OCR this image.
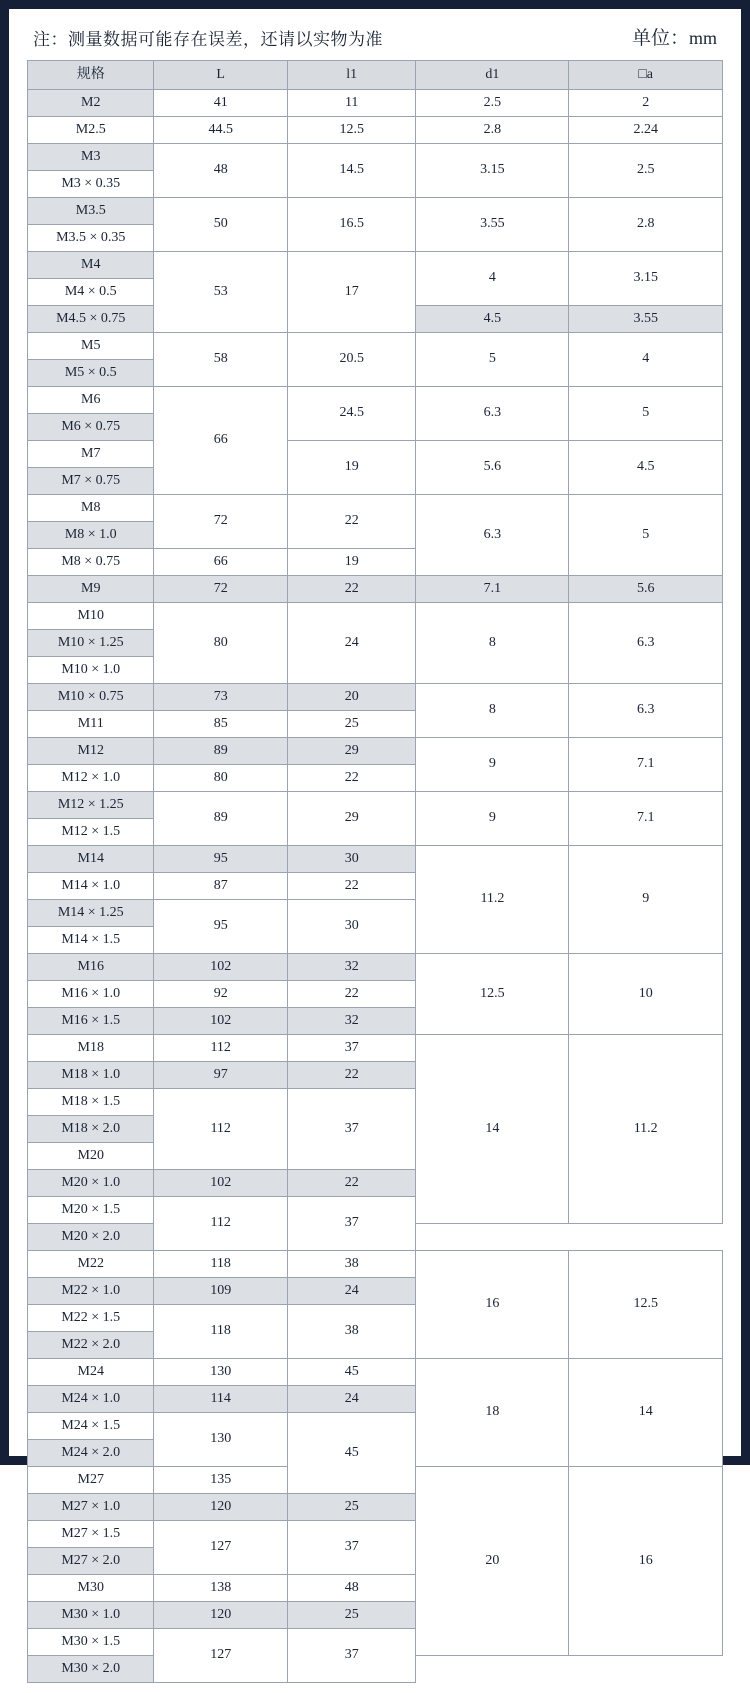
注：测量数据可能存在误差，还请以实物为准	单位：mm
规格	L	l1	d1	□a
M2	41	11	2.5	2
M2.5	44.5	12.5	2.8	2.24
M3	48	14.5	3.15	2.5
M3 × 0.35				
M3.5	50	16.5	3.55	2.8
M3.5 × 0.35				
M4	53	17	4	3.15
M4 × 0.5				
M4.5 × 0.75			4.5	3.55
M5	58	20.5	5	4
M5 × 0.5				
M6	66	24.5	6.3	5
M6 × 0.75				
M7		19	5.6	4.5
M7 × 0.75				
M8	72	22	6.3	5
M8 × 1.0				
M8 × 0.75	66	19		
M9	72	22	7.1	5.6
M10	80	24	8	6.3
M10 × 1.25				
M10 × 1.0				
M10 × 0.75	73	20	8	6.3
M11	85	25		
M12	89	29	9	7.1
M12 × 1.0	80	22		
M12 × 1.25	89	29	9	7.1
M12 × 1.5				
M14	95	30	11.2	9
M14 × 1.0	87	22		
M14 × 1.25	95	30		
M14 × 1.5				
M16	102	32	12.5	10
M16 × 1.0	92	22		
M16 × 1.5	102	32		
M18	112	37	14	11.2
M18 × 1.0	97	22		
M18 × 1.5	112	37		
M18 × 2.0				
M20				
M20 × 1.0	102	22		
M20 × 1.5	112	37		
M20 × 2.0				
M22	118	38	16	12.5
M22 × 1.0	109	24		
M22 × 1.5	118	38		
M22 × 2.0				
M24	130	45	18	14
M24 × 1.0	114	24		
M24 × 1.5	130	45		
M24 × 2.0				
M27	135		20	16
M27 × 1.0	120	25		
M27 × 1.5	127	37		
M27 × 2.0				
M30	138	48		
M30 × 1.0	120	25		
M30 × 1.5	127	37		
M30 × 2.0				
